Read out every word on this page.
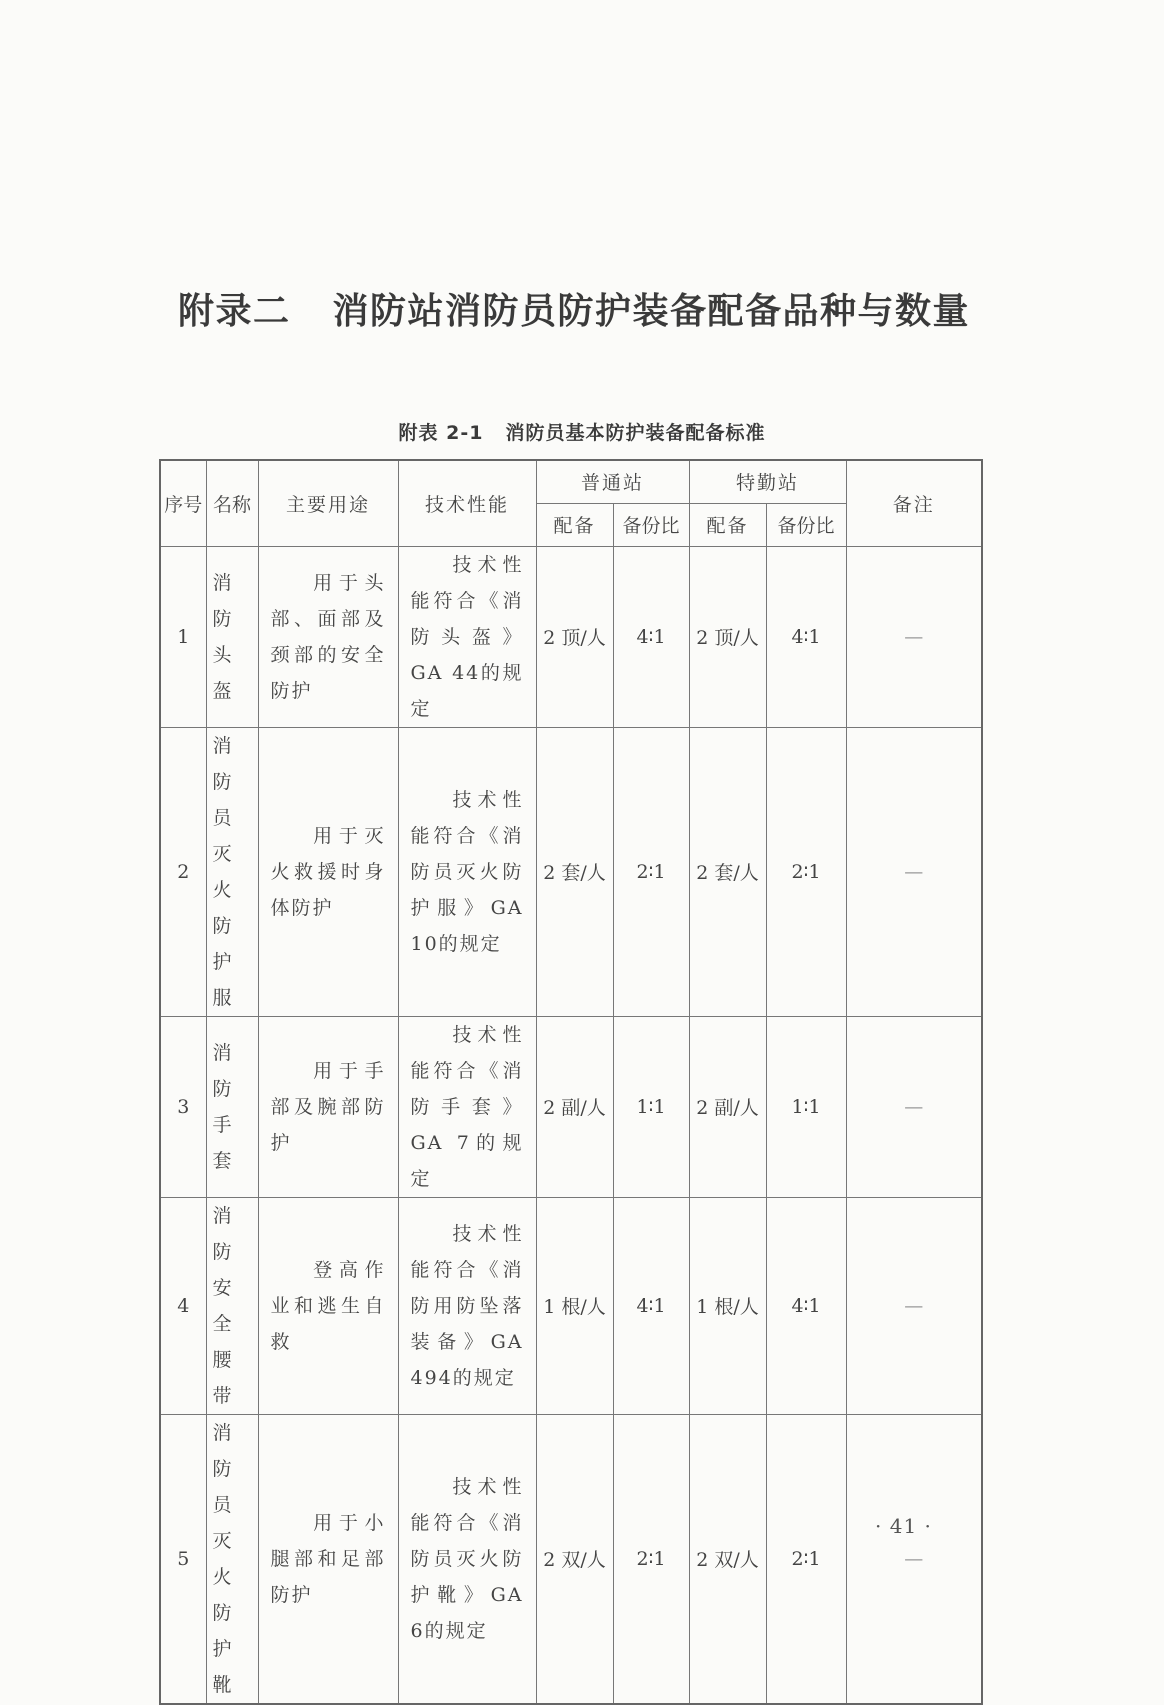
附录二 消防站消防员防护装备配备品种与数量
附表 2-1 消防员基本防护装备配备标准
序号	名称	主要用途	技术性能	普通站		特勤站		备注
				配备	备份比	配备	备份比	
1	消防头盔	用于头部、面部及颈部的安全防护	技术性能符合《消防头盔》GA 44的规定	2 顶/人	4∶1	2 顶/人	4∶1	—
2	消防员灭火防护服	用于灭火救援时身体防护	技术性能符合《消防员灭火防护服》GA 10的规定	2 套/人	2∶1	2 套/人	2∶1	—
3	消防手套	用于手部及腕部防护	技术性能符合《消防手套》GA 7的规定	2 副/人	1∶1	2 副/人	1∶1	—
4	消防安全腰带	登高作业和逃生自救	技术性能符合《消防用防坠落装备》GA 494的规定	1 根/人	4∶1	1 根/人	4∶1	—
5	消防员灭火防护靴	用于小腿部和足部防护	技术性能符合《消防员灭火防护靴》GA 6的规定	2 双/人	2∶1	2 双/人	2∶1	—
· 41 ·
